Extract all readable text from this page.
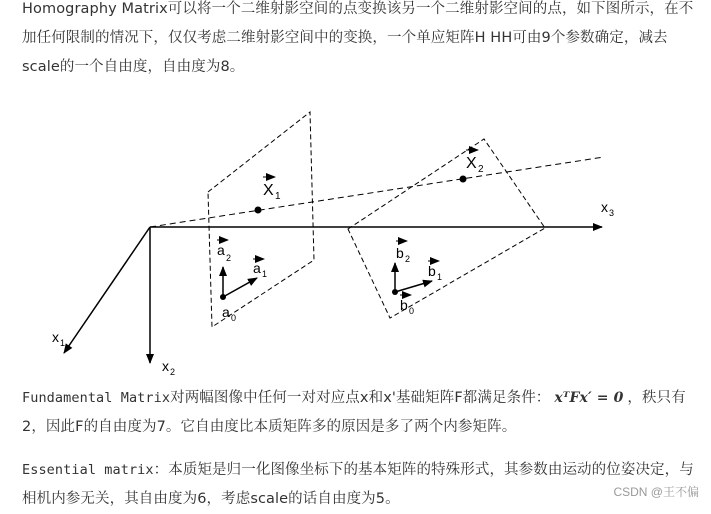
Homography Matrix可以将一个二维射影空间的点变换该另一个二维射影空间的点，如下图所示，在不加任何限制的情况下，仅仅考虑二维射影空间中的变换，一个单应矩阵H HH可由9个参数确定，减去scale的一个自由度，自由度为8。
X 1
X 2
x 1
x 2
x 3
a 2
a 1
a 0
b 2
b 1
b 0
Fundamental Matrix对两幅图像中任何一对对应点x和x'基础矩阵F都满足条件： xᵀFx′ = 0 ，秩只有2，因此F的自由度为7。它自由度比本质矩阵多的原因是多了两个内参矩阵。
Essential matrix：本质矩是归一化图像坐标下的基本矩阵的特殊形式，其参数由运动的位姿决定，与相机内参无关，其自由度为6，考虑scale的话自由度为5。	CSDN @王不偏
